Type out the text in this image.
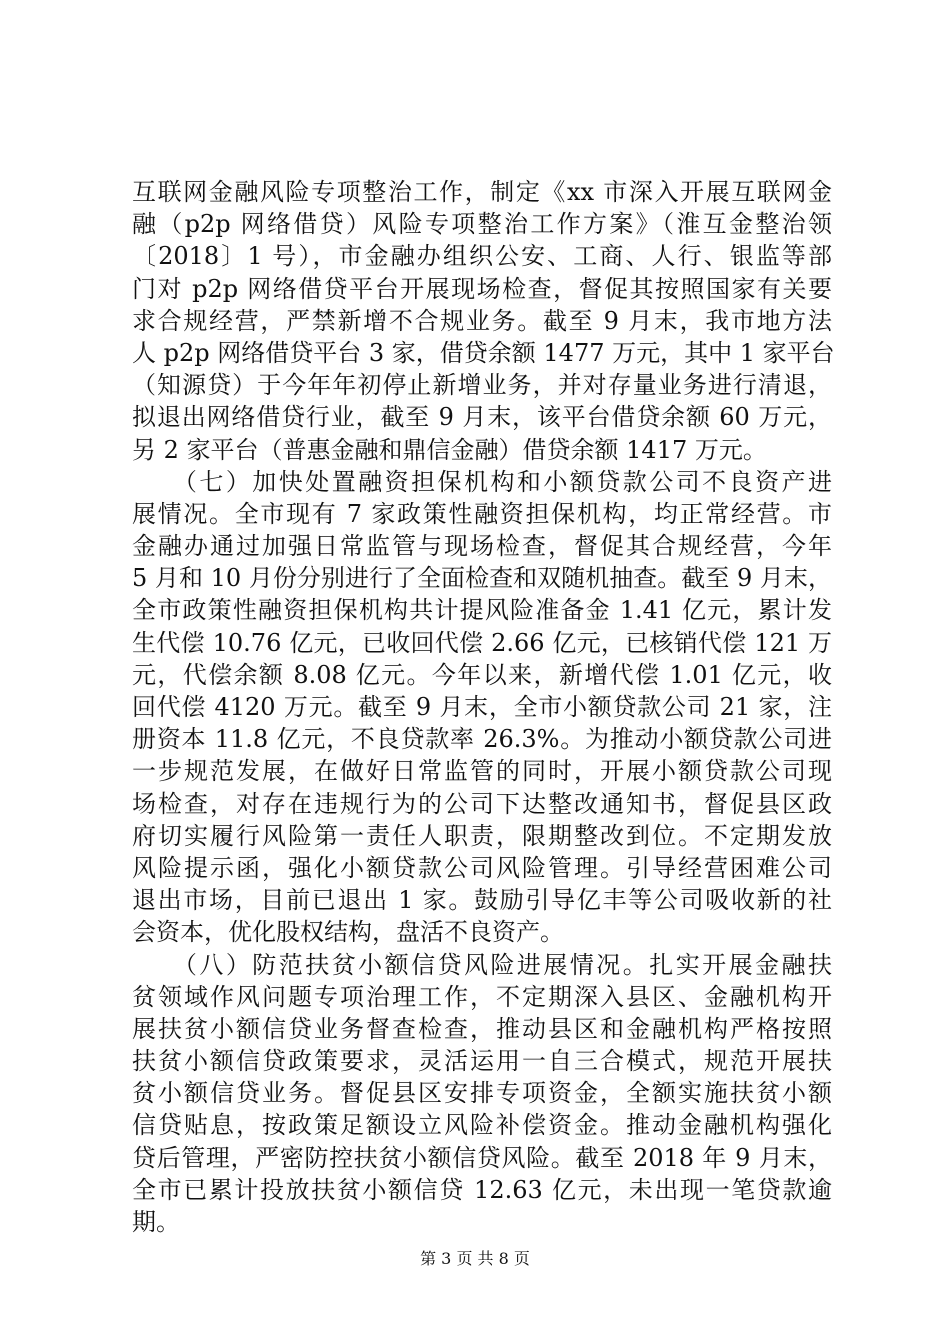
互联网金融风险专项整治工作，制定《xx 市深入开展互联网金
融（p2p 网络借贷）风险专项整治工作方案》（淮互金整治领
〔2018〕1 号），市金融办组织公安、工商、人行、银监等部
门对 p2p 网络借贷平台开展现场检查，督促其按照国家有关要
求合规经营，严禁新增不合规业务。截至 9 月末，我市地方法
人 p2p 网络借贷平台 3 家，借贷余额 1477 万元，其中 1 家平台
（知源贷）于今年年初停止新增业务，并对存量业务进行清退，
拟退出网络借贷行业，截至 9 月末，该平台借贷余额 60 万元，
另 2 家平台（普惠金融和鼎信金融）借贷余额 1417 万元。
　　（七）加快处置融资担保机构和小额贷款公司不良资产进
展情况。全市现有 7 家政策性融资担保机构，均正常经营。市
金融办通过加强日常监管与现场检查，督促其合规经营，今年
5 月和 10 月份分别进行了全面检查和双随机抽查。截至 9 月末，
全市政策性融资担保机构共计提风险准备金 1.41 亿元，累计发
生代偿 10.76 亿元，已收回代偿 2.66 亿元，已核销代偿 121 万
元，代偿余额 8.08 亿元。今年以来，新增代偿 1.01 亿元，收
回代偿 4120 万元。截至 9 月末，全市小额贷款公司 21 家，注
册资本 11.8 亿元，不良贷款率 26.3%。为推动小额贷款公司进
一步规范发展，在做好日常监管的同时，开展小额贷款公司现
场检查，对存在违规行为的公司下达整改通知书，督促县区政
府切实履行风险第一责任人职责，限期整改到位。不定期发放
风险提示函，强化小额贷款公司风险管理。引导经营困难公司
退出市场，目前已退出 1 家。鼓励引导亿丰等公司吸收新的社
会资本，优化股权结构，盘活不良资产。
　　（八）防范扶贫小额信贷风险进展情况。扎实开展金融扶
贫领域作风问题专项治理工作，不定期深入县区、金融机构开
展扶贫小额信贷业务督查检查，推动县区和金融机构严格按照
扶贫小额信贷政策要求，灵活运用一自三合模式，规范开展扶
贫小额信贷业务。督促县区安排专项资金，全额实施扶贫小额
信贷贴息，按政策足额设立风险补偿资金。推动金融机构强化
贷后管理，严密防控扶贫小额信贷风险。截至 2018 年 9 月末，
全市已累计投放扶贫小额信贷 12.63 亿元，未出现一笔贷款逾
期。
第 3 页 共 8 页
